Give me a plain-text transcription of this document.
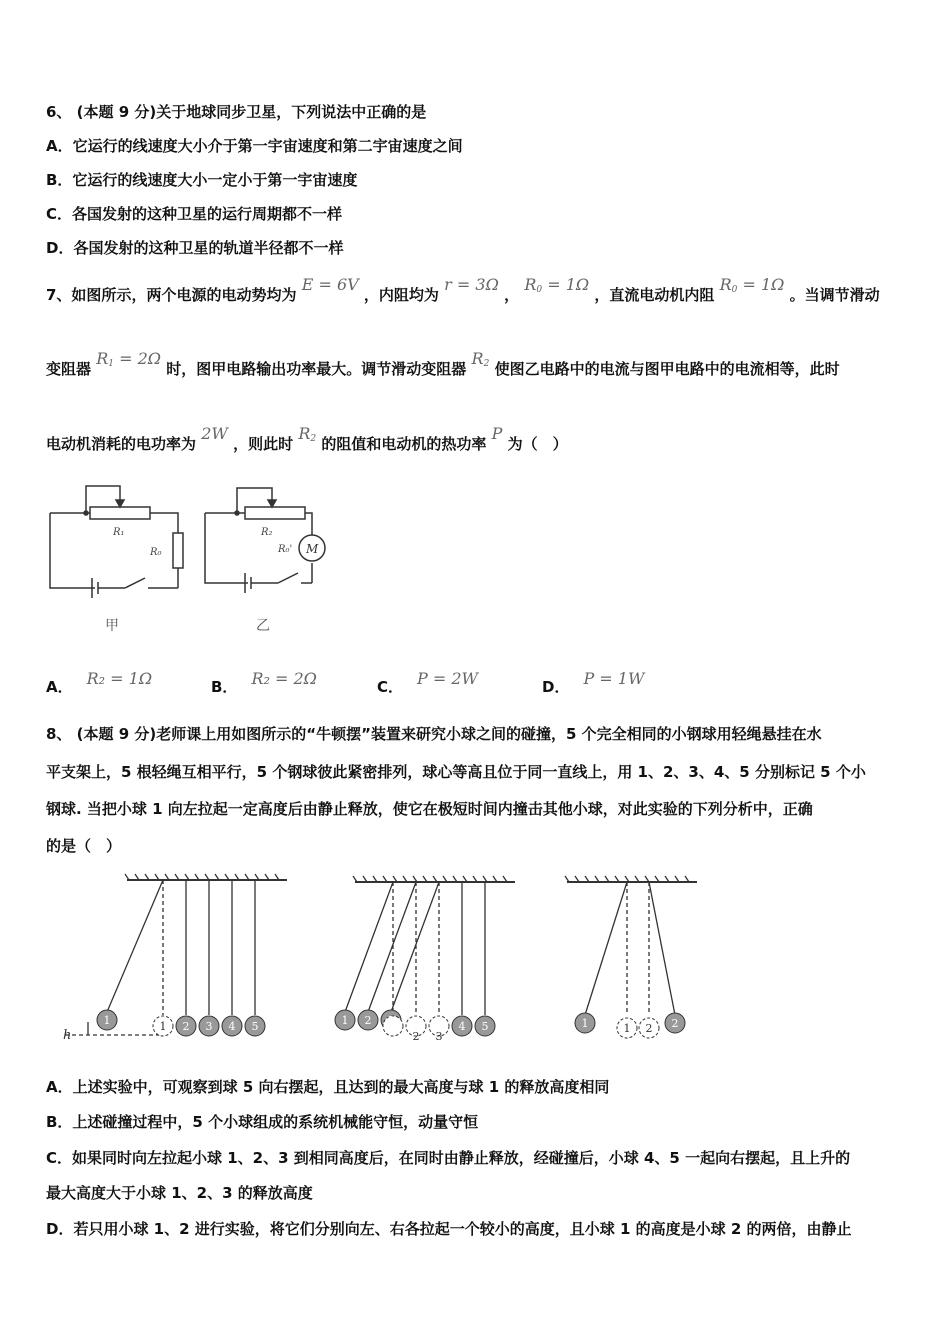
6、 (本题 9 分)关于地球同步卫星，下列说法中正确的是
A．它运行的线速度大小介于第一宇宙速度和第二宇宙速度之间
B．它运行的线速度大小一定小于第一宇宙速度
C．各国发射的这种卫星的运行周期都不一样
D．各国发射的这种卫星的轨道半径都不一样
7、如图所示，两个电源的电动势均为 E = 6V ，内阻均为 r = 3Ω ， R0 = 1Ω ，直流电动机内阻 R0 = 1Ω 。当调节滑动
变阻器 R1 = 2Ω 时，图甲电路输出功率最大。调节滑动变阻器 R2 使图乙电路中的电流与图甲电路中的电流相等，此时
电动机消耗的电功率为 2W ，则此时 R2 的阻值和电动机的热功率 P 为（　）
R₁
R₀
甲
R₂
R₀' M
乙
A． R₂ = 1Ω	B． R₂ = 2Ω	C． P = 2W	D． P = 1W
8、 (本题 9 分)老师课上用如图所示的“牛顿摆”装置来研究小球之间的碰撞，5 个完全相同的小钢球用轻绳悬挂在水
平支架上，5 根轻绳互相平行，5 个钢球彼此紧密排列，球心等高且位于同一直线上，用 1、2、3、4、5 分别标记 5 个小
钢球. 当把小球 1 向左拉起一定高度后由静止释放，使它在极短时间内撞击其他小球，对此实验的下列分析中，正确
的是（　）
1	1 2 3 4 5
h
1 2 3
2 3
4 5	1	2
1 2
A．上述实验中，可观察到球 5 向右摆起，且达到的最大高度与球 1 的释放高度相同
B．上述碰撞过程中，5 个小球组成的系统机械能守恒，动量守恒
C．如果同时向左拉起小球 1、2、3 到相同高度后，在同时由静止释放，经碰撞后，小球 4、5 一起向右摆起，且上升的
最大高度大于小球 1、2、3 的释放高度
D．若只用小球 1、2 进行实验，将它们分别向左、右各拉起一个较小的高度，且小球 1 的高度是小球 2 的两倍，由静止
